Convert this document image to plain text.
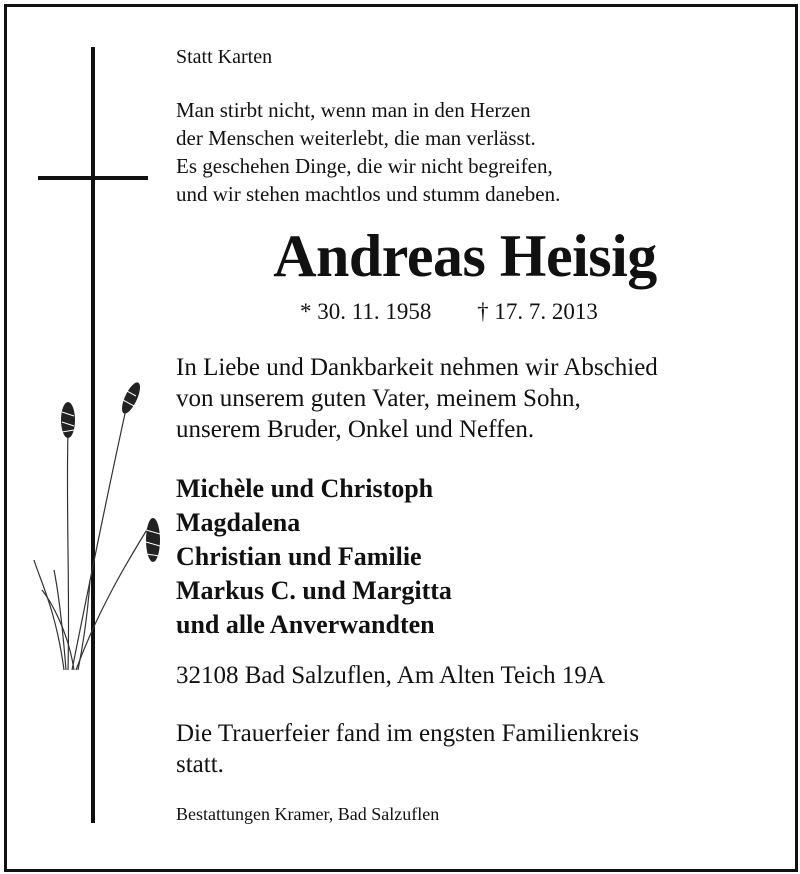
Statt Karten
Man stirbt nicht, wenn man in den Herzen
der Menschen weiterlebt, die man verlässt.
Es geschehen Dinge, die wir nicht begreifen,
und wir stehen machtlos und stumm daneben.
Andreas Heisig
* 30. 11. 1958 † 17. 7. 2013
In Liebe und Dankbarkeit nehmen wir Abschied
von unserem guten Vater, meinem Sohn,
unserem Bruder, Onkel und Neffen.
Michèle und Christoph
Magdalena
Christian und Familie
Markus C. und Margitta
und alle Anverwandten
32108 Bad Salzuflen, Am Alten Teich 19A
Die Trauerfeier fand im engsten Familienkreis
statt.
Bestattungen Kramer, Bad Salzuflen
